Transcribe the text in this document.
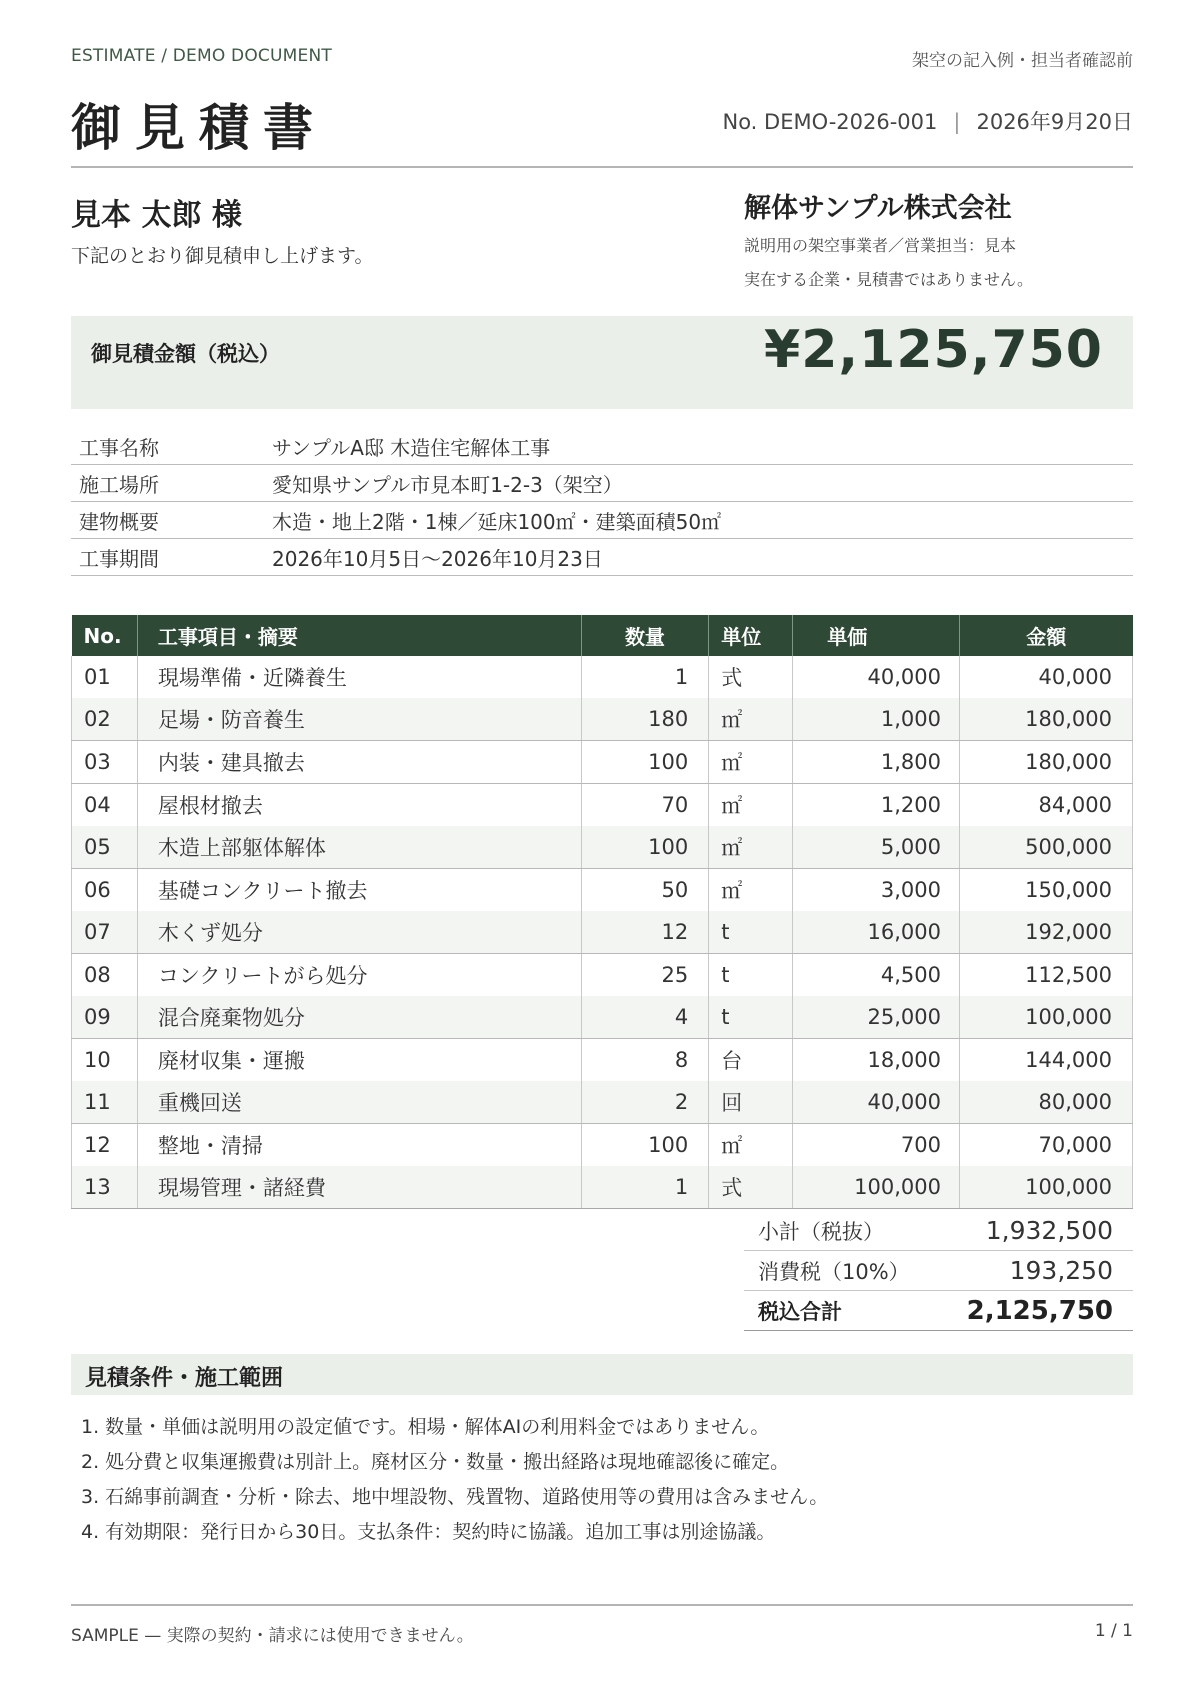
ESTIMATE / DEMO DOCUMENT	架空の記入例・担当者確認前
御見積書	No. DEMO-2026-001 | 2026年9月20日
見本 太郎 様
下記のとおり御見積申し上げます。
解体サンプル株式会社
説明用の架空事業者／営業担当：見本
実在する企業・見積書ではありません。
御見積金額（税込）	¥2,125,750
工事名称	サンプルA邸 木造住宅解体工事
施工場所	愛知県サンプル市見本町1-2-3（架空）
建物概要	木造・地上2階・1棟／延床100㎡・建築面積50㎡
工事期間	2026年10月5日〜2026年10月23日
No.	工事項目・摘要	数量	単位	単価	金額
01	現場準備・近隣養生	1	式	40,000	40,000
02	足場・防音養生	180	㎡	1,000	180,000
03	内装・建具撤去	100	㎡	1,800	180,000
04	屋根材撤去	70	㎡	1,200	84,000
05	木造上部躯体解体	100	㎡	5,000	500,000
06	基礎コンクリート撤去	50	㎡	3,000	150,000
07	木くず処分	12	t	16,000	192,000
08	コンクリートがら処分	25	t	4,500	112,500
09	混合廃棄物処分	4	t	25,000	100,000
10	廃材収集・運搬	8	台	18,000	144,000
11	重機回送	2	回	40,000	80,000
12	整地・清掃	100	㎡	700	70,000
13	現場管理・諸経費	1	式	100,000	100,000
小計（税抜）	1,932,500
消費税（10%）	193,250
税込合計	2,125,750
見積条件・施工範囲
1. 数量・単価は説明用の設定値です。相場・解体AIの利用料金ではありません。
2. 処分費と収集運搬費は別計上。廃材区分・数量・搬出経路は現地確認後に確定。
3. 石綿事前調査・分析・除去、地中埋設物、残置物、道路使用等の費用は含みません。
4. 有効期限：発行日から30日。支払条件：契約時に協議。追加工事は別途協議。
SAMPLE — 実際の契約・請求には使用できません。	1 / 1
